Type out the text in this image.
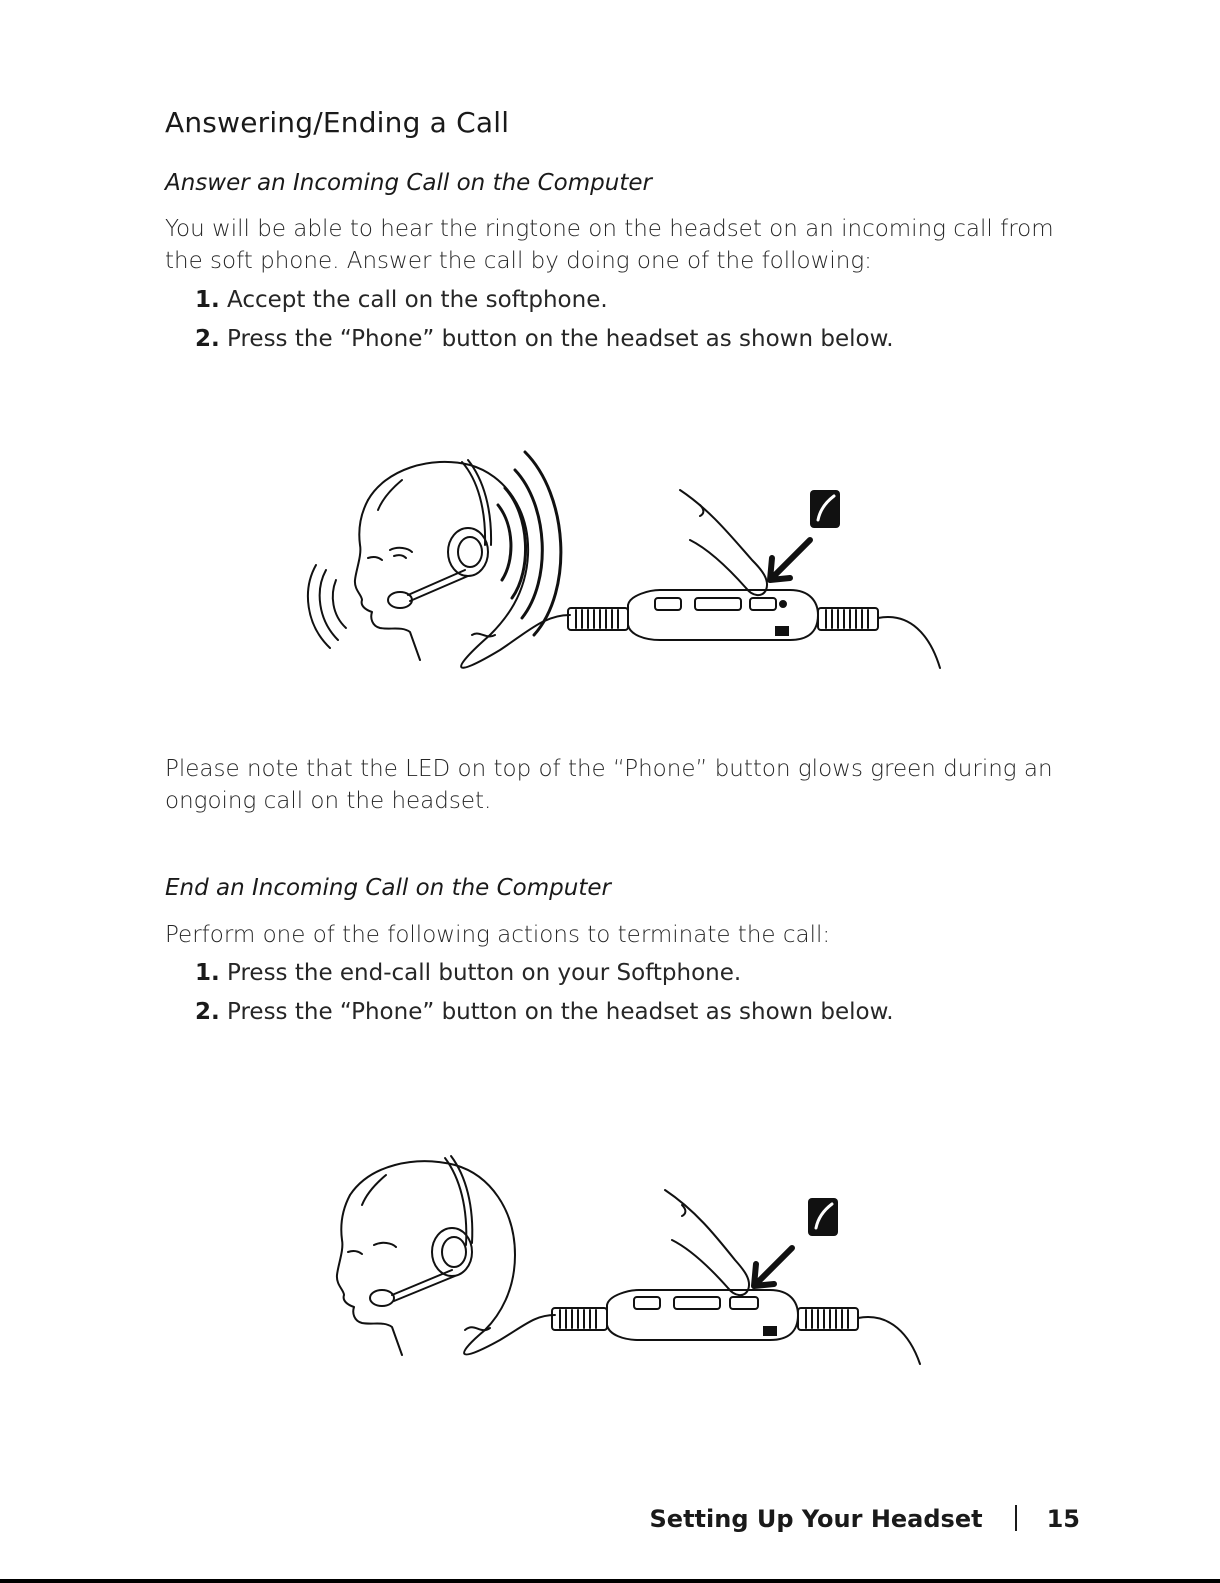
Answering/Ending a Call
Answer an Incoming Call on the Computer

You will be able to hear the ringtone on the headset on an incoming call from the soft phone. Answer the call by doing one of the following:

1. Accept the call on the softphone.
2. Press the “Phone” button on the headset as shown below.

Please note that the LED on top of the “Phone” button glows green during an ongoing call on the headset.

End an Incoming Call on the Computer

Perform one of the following actions to terminate the call:

1. Press the end-call button on your Softphone.
2. Press the “Phone” button on the headset as shown below.
Setting Up Your Headset	15
